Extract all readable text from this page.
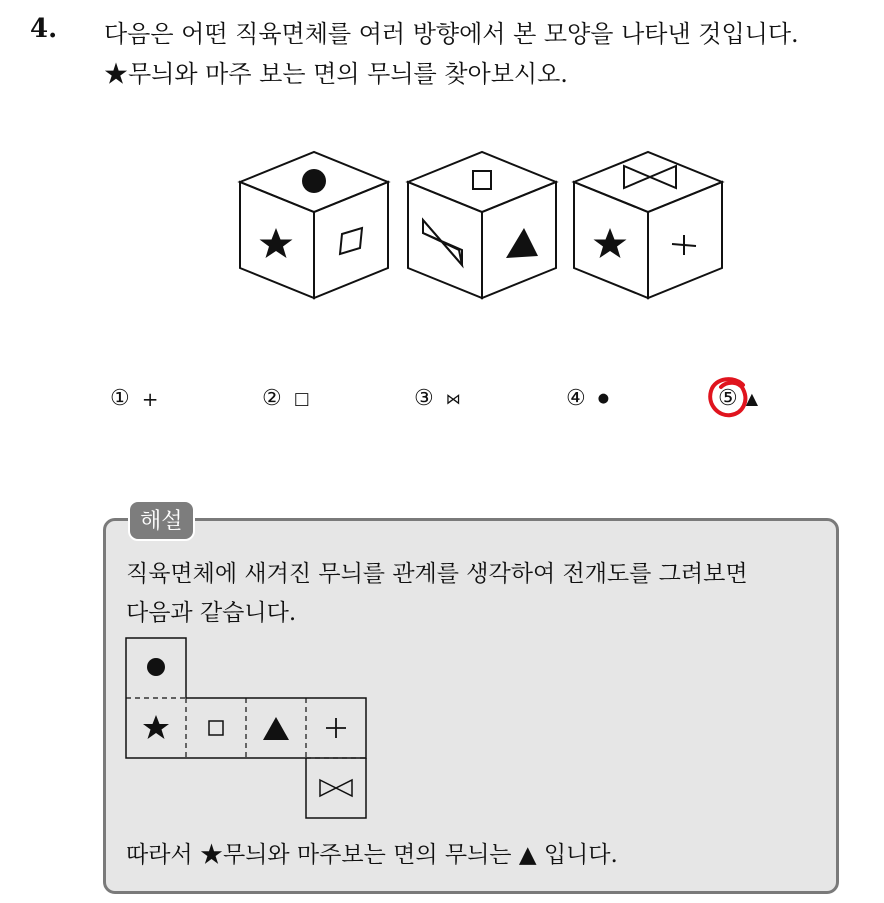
4. 다음은 어떤 직육면체를 여러 방향에서 본 모양을 나타낸 것입니다.
★무늬와 마주 보는 면의 무늬를 찾아보시오.
① +	② □	③ ⋈	④ ●	⑤ ▲
해설
직육면체에 새겨진 무늬를 관계를 생각하여 전개도를 그려보면
다음과 같습니다.
따라서 ★무늬와 마주보는 면의 무늬는 ▲ 입니다.
